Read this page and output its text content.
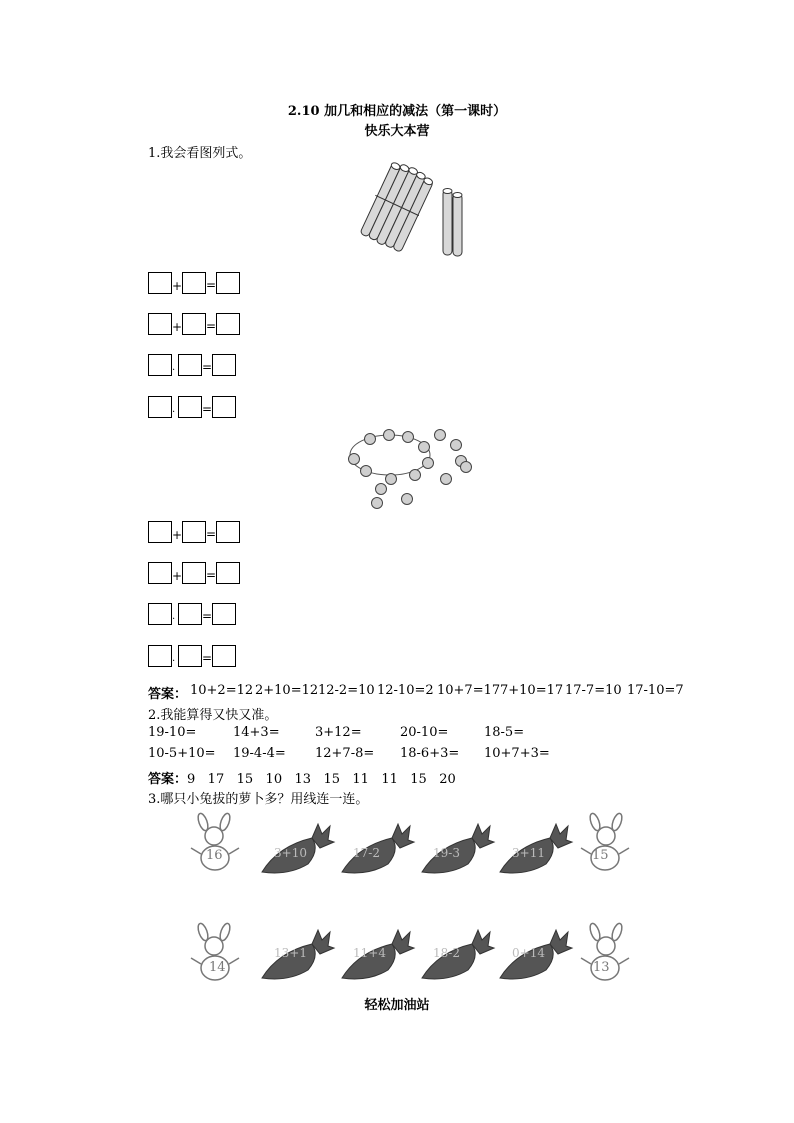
2.10 加几和相应的减法（第一课时）
快乐大本营
1.我会看图列式。
+ =
+ =
. =
. =
+ =
+ =
. =
. =
答案： 10+2=12 2+10=12 12-2=10 12-10=2 10+7=17 7+10=17 17-7=10 17-10=7
2.我能算得又快又准。
19-10=	14+3=	3+12=	20-10=	18-5=
10-5+10= 19-4-4= 12+7-8= 18-6+3= 10+7+3=
答案：9   17   15   10   13   15   11   11   15   20
3.哪只小兔拔的萝卜多？用线连一连。
16	3+10	17-2	19-3	3+11	15
14
13+1	11+4	18-2	0+14
13
轻松加油站
